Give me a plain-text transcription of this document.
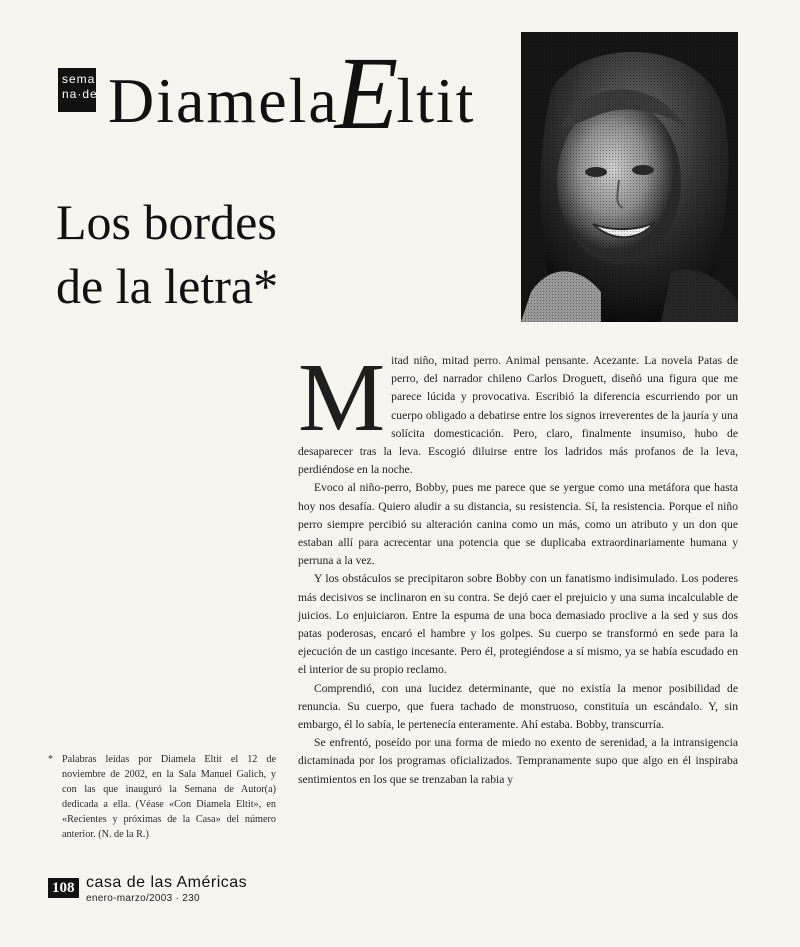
sema
na·de DiamelaEltit
Los bordes
de la letra*

Mitad niño, mitad perro. Animal pensante. Acezante. La novela Patas de perro, del narrador chileno Carlos Droguett, diseñó una figura que me parece lúcida y provocativa. Escribió la diferencia escurriendo por un cuerpo obligado a debatirse entre los signos irreverentes de la jauría y una solícita domesticación. Pero, claro, finalmente insumiso, hubo de desaparecer tras la leva. Escogió diluirse entre los ladridos más profanos de la leva, perdiéndose en la noche.

Evoco al niño-perro, Bobby, pues me parece que se yergue como una metáfora que hasta hoy nos desafía. Quiero aludir a su distancia, su resistencia. Sí, la resistencia. Porque el niño perro siempre percibió su alteración canina como un más, como un atributo y un don que estaban allí para acrecentar una potencia que se duplicaba extraordinariamente humana y perruna a la vez.

Y los obstáculos se precipitaron sobre Bobby con un fanatismo indisimulado. Los poderes más decisivos se inclinaron en su contra. Se dejó caer el prejuicio y una suma incalculable de juicios. Lo enjuiciaron. Entre la espuma de una boca demasiado proclive a la sed y sus dos patas poderosas, encaró el hambre y los golpes. Su cuerpo se transformó en sede para la ejecución de un castigo incesante. Pero él, protegiéndose a sí mismo, ya se había escudado en el interior de su propio reclamo.

Comprendió, con una lucidez determinante, que no existía la menor posibilidad de renuncia. Su cuerpo, que fuera tachado de monstruoso, constituía un escándalo. Y, sin embargo, él lo sabía, le pertenecía enteramente. Ahí estaba. Bobby, transcurría.

Se enfrentó, poseído por una forma de miedo no exento de serenidad, a la intransigencia dictaminada por los programas oficializados. Tempranamente supo que algo en él inspiraba sentimientos en los que se trenzaban la rabia y

* Palabras leídas por Diamela Eltit el 12 de noviembre de 2002, en la Sala Manuel Galich, y con las que inauguró la Semana de Autor(a) dedicada a ella. (Véase «Con Diamela Eltit», en «Recientes y próximas de la Casa» del número anterior. (N. de la R.)
108 casa de las Américas
enero-marzo/2003 · 230
